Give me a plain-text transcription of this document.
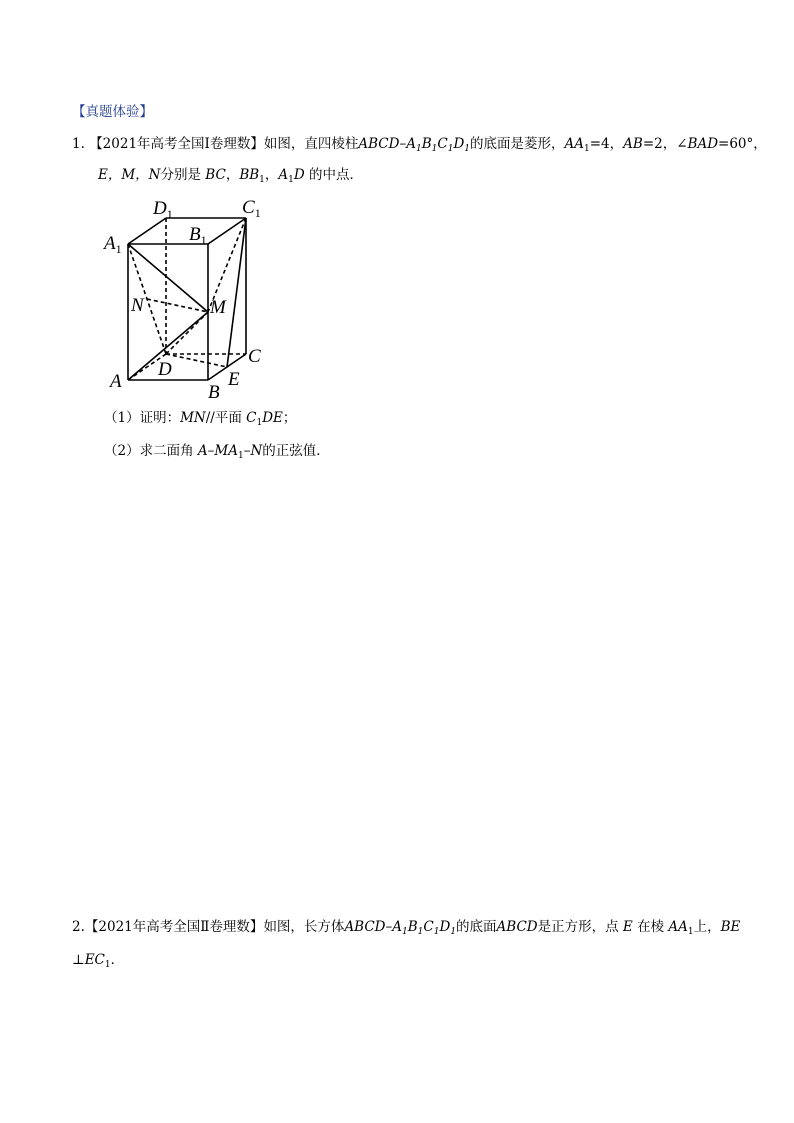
【真题体验】
1. 【2021年高考全国I卷理数】如图，直四棱柱ABCD–$A_1B_1C_1D_1$的底面是菱形，$AA_1=4$，AB=2，∠BAD=60°，
E，M，N分别是 BC，$BB_1$，$A_1D$ 的中点．
$A_1$
$D_1$
$B_1$
$C_1$
N	M
D
C
A	E
B
（1）证明：MN//平面 $C_1DE$；
（2）求二面角 $A-MA_1-N$的正弦值．
2.【2021年高考全国Ⅱ卷理数】如图，长方体ABCD–$A_1B_1C_1D_1$的底面ABCD是正方形，点 E 在棱 $AA_1$上，BE
$\perp EC_1$．
